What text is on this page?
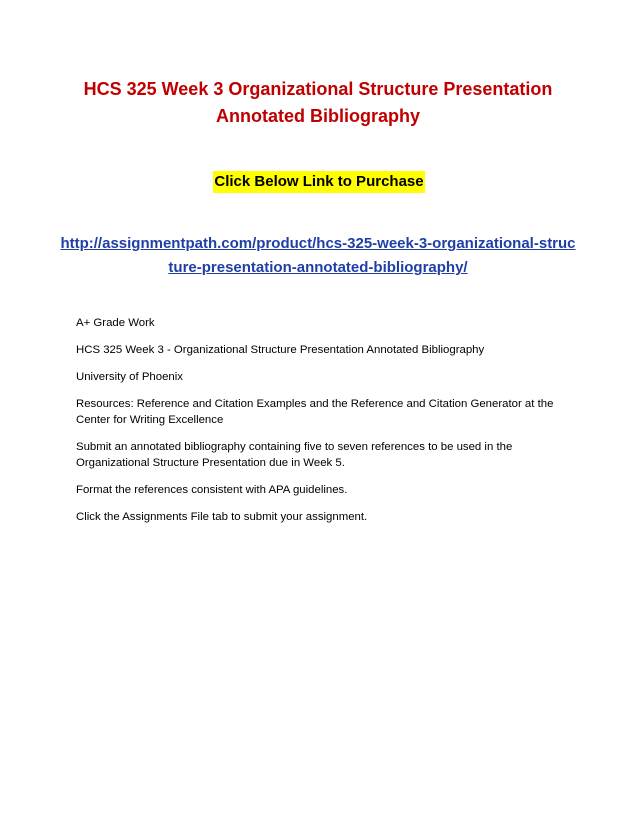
HCS 325 Week 3 Organizational Structure Presentation Annotated Bibliography
Click Below Link to Purchase
http://assignmentpath.com/product/hcs-325-week-3-organizational-structure-presentation-annotated-bibliography/

A+ Grade Work

HCS 325 Week 3 - Organizational Structure Presentation Annotated Bibliography

University of Phoenix

Resources: Reference and Citation Examples and the Reference and Citation Generator at the Center for Writing Excellence

Submit an annotated bibliography containing five to seven references to be used in the Organizational Structure Presentation due in Week 5.

Format the references consistent with APA guidelines.

Click the Assignments File tab to submit your assignment.
